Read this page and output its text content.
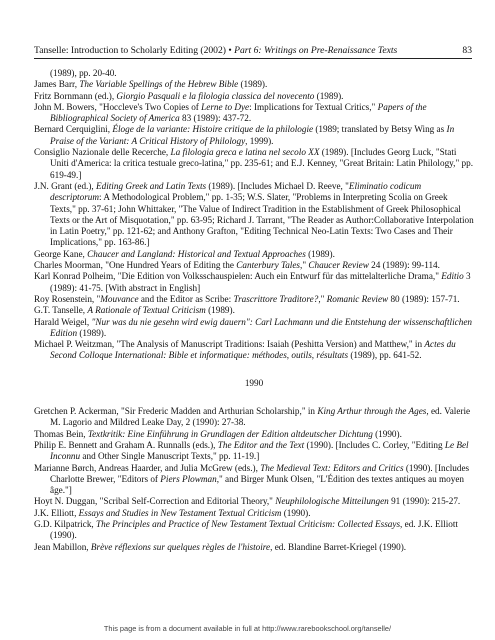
Tanselle: Introduction to Scholarly Editing (2002) • Part 6: Writings on Pre-Renaissance Texts	83

(1989), pp. 20-40.

James Barr, The Variable Spellings of the Hebrew Bible (1989).

Fritz Bornmann (ed.), Giorgio Pasquali e la filologia classica del novecento (1989).

John M. Bowers, "Hoccleve's Two Copies of Lerne to Dye: Implications for Textual Critics," Papers of the Bibliographical Society of America 83 (1989): 437-72.

Bernard Cerquiglini, Éloge de la variante: Histoire critique de la philologie (1989; translated by Betsy Wing as In Praise of the Variant: A Critical History of Philology, 1999).

Consiglio Nazionale delle Recerche, La filologia greca e latina nel secolo XX (1989). [Includes Georg Luck, "Stati Uniti d'America: la critica testuale greco-latina," pp. 235-61; and E.J. Kenney, "Great Britain: Latin Philology," pp. 619-49.]

J.N. Grant (ed.), Editing Greek and Latin Texts (1989). [Includes Michael D. Reeve, "Eliminatio codicum descriptorum: A Methodological Problem," pp. 1-35; W.S. Slater, "Problems in Interpreting Scolia on Greek Texts," pp. 37-61; John Whittaker, "The Value of Indirect Tradition in the Establishment of Greek Philosophical Texts or the Art of Misquotation," pp. 63-95; Richard J. Tarrant, "The Reader as Author:Collaborative Interpolation in Latin Poetry," pp. 121-62; and Anthony Grafton, "Editing Technical Neo-Latin Texts: Two Cases and Their Implications," pp. 163-86.]

George Kane, Chaucer and Langland: Historical and Textual Approaches (1989).

Charles Moorman, "One Hundred Years of Editing the Canterbury Tales," Chaucer Review 24 (1989): 99-114.

Karl Konrad Polheim, "Die Edition von Volksschauspielen: Auch ein Entwurf für das mittelalterliche Drama," Editio 3 (1989): 41-75. [With abstract in English]

Roy Rosenstein, "Mouvance and the Editor as Scribe: Trascrittore Traditore?," Romanic Review 80 (1989): 157-71.

G.T. Tanselle, A Rationale of Textual Criticism (1989).

Harald Weigel, "Nur was du nie gesehn wird ewig dauern": Carl Lachmann und die Entstehung der wissenschaftlichen Edition (1989).

Michael P. Weitzman, "The Analysis of Manuscript Traditions: Isaiah (Peshitta Version) and Matthew," in Actes du Second Colloque International: Bible et informatique: méthodes, outils, résultats (1989), pp. 641-52.

1990

Gretchen P. Ackerman, "Sir Frederic Madden and Arthurian Scholarship," in King Arthur through the Ages, ed. Valerie M. Lagorio and Mildred Leake Day, 2 (1990): 27-38.

Thomas Bein, Textkritik: Eine Einführung in Grundlagen der Edition altdeutscher Dichtung (1990).

Philip E. Bennett and Graham A. Runnalls (eds.), The Editor and the Text (1990). [Includes C. Corley, "Editing Le Bel Inconnu and Other Single Manuscript Texts," pp. 11-19.]

Marianne Børch, Andreas Haarder, and Julia McGrew (eds.), The Medieval Text: Editors and Critics (1990). [Includes Charlotte Brewer, "Editors of Piers Plowman," and Birger Munk Olsen, "L'Édition des textes antiques au moyen âge."]

Hoyt N. Duggan, "Scribal Self-Correction and Editorial Theory," Neuphilologische Mitteilungen 91 (1990): 215-27.

J.K. Elliott, Essays and Studies in New Testament Textual Criticism (1990).

G.D. Kilpatrick, The Principles and Practice of New Testament Textual Criticism: Collected Essays, ed. J.K. Elliott (1990).

Jean Mabillon, Brève réflexions sur quelques règles de l'histoire, ed. Blandine Barret-Kriegel (1990).

This page is from a document available in full at http://www.rarebookschool.org/tanselle/
